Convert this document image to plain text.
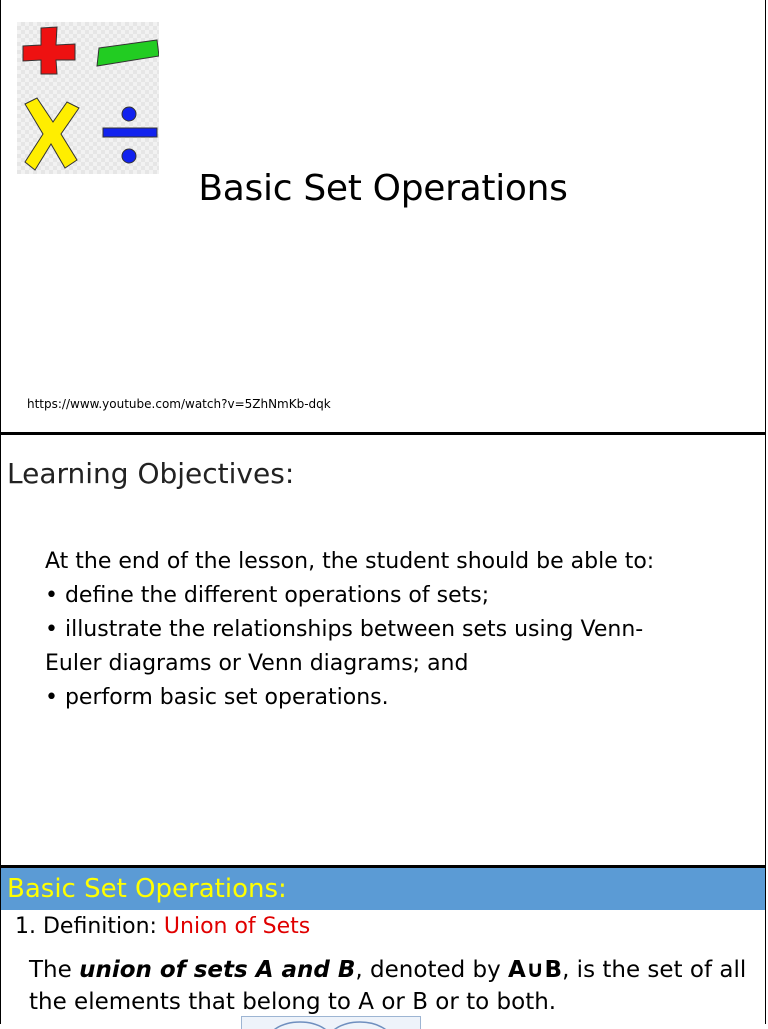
Basic Set Operations
https://www.youtube.com/watch?v=5ZhNmKb-dqk
Learning Objectives:
At the end of the lesson, the student should be able to:
• define the different operations of sets;
• illustrate the relationships between sets using Venn-
Euler diagrams or Venn diagrams; and
• perform basic set operations.
Basic Set Operations:
1. Definition: Union of Sets
The union of sets A and B, denoted by A∪B, is the set of all
the elements that belong to A or B or to both.
